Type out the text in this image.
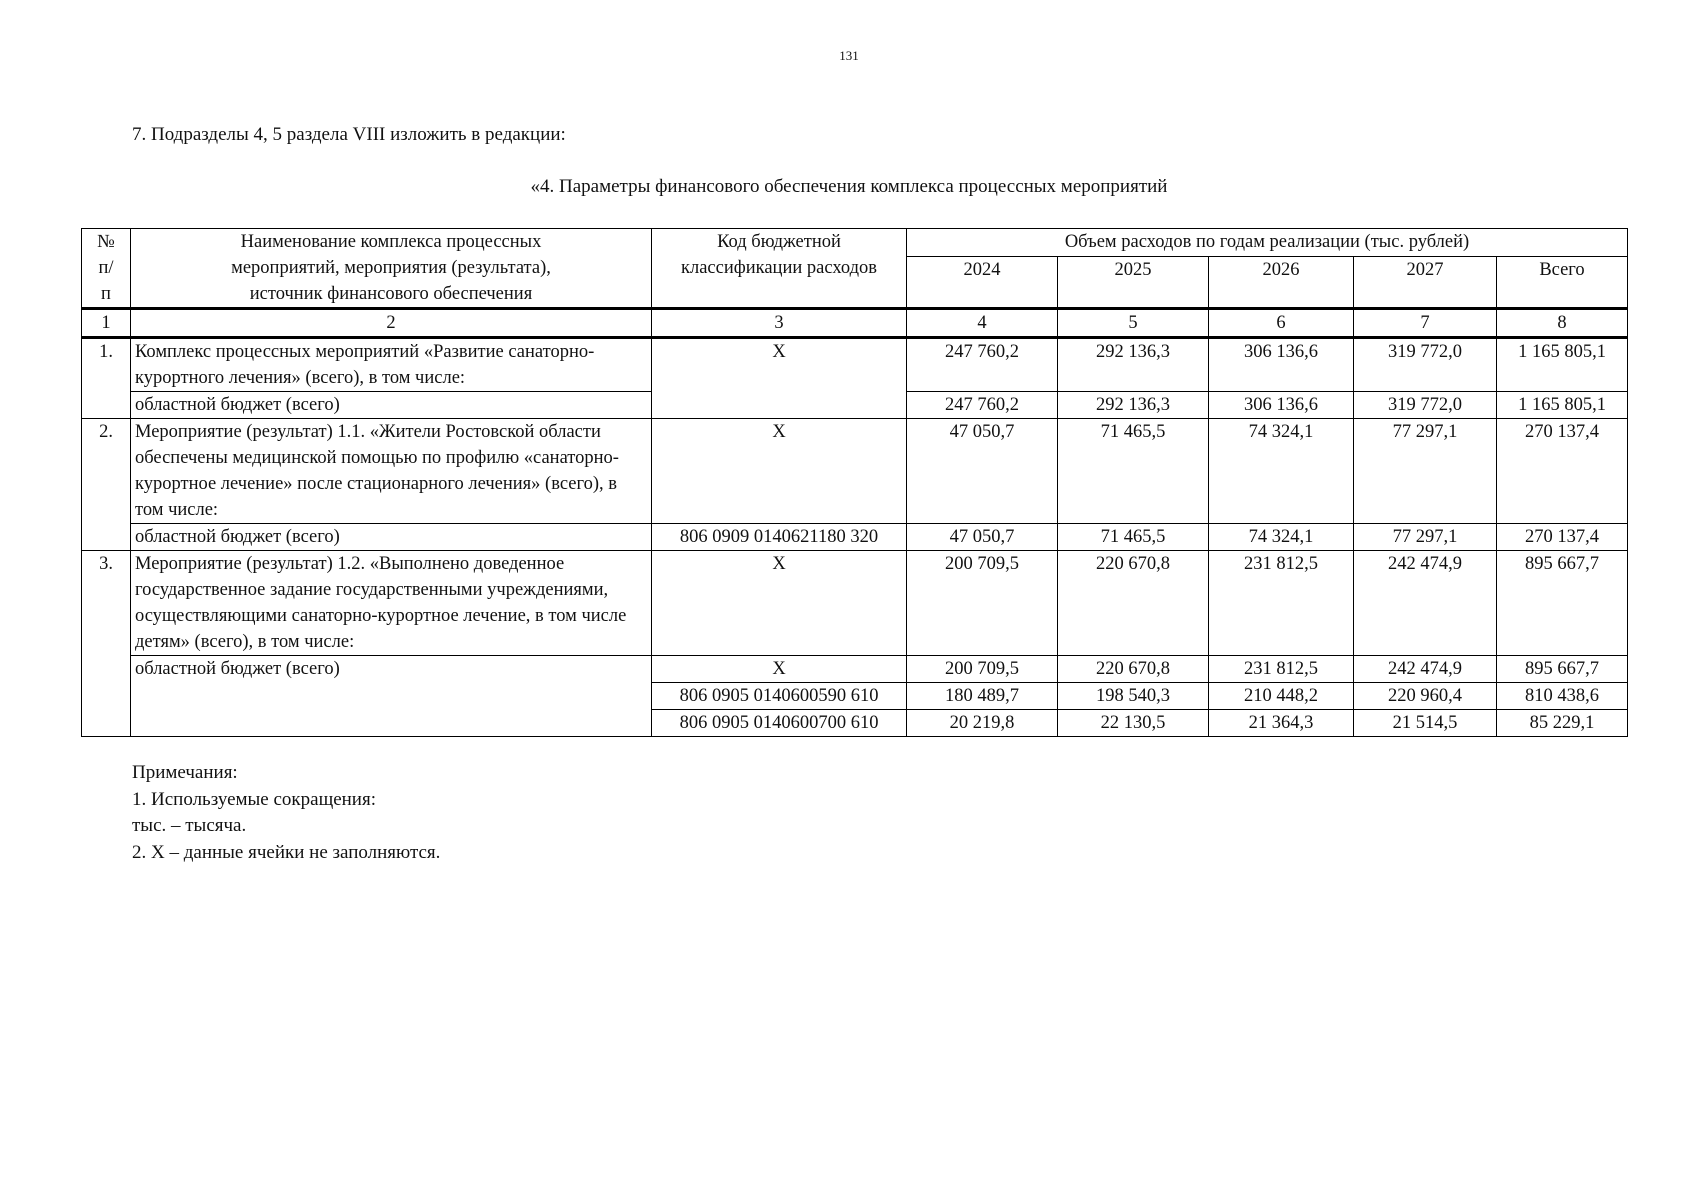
131
7. Подразделы 4, 5 раздела VIII изложить в редакции:
«4. Параметры финансового обеспечения комплекса процессных мероприятий
№ п/п	Наименование комплекса процессных мероприятий, мероприятия (результата), источник финансового обеспечения	Код бюджетной классификации расходов	Объем расходов по годам реализации (тыс. рублей)				
			2024	2025	2026	2027	Всего
1	2	3	4	5	6	7	8
1.	Комплекс процессных мероприятий «Развитие санаторно-курортного лечения» (всего), в том числе:	X	247 760,2	292 136,3	306 136,6	319 772,0	1 165 805,1
	областной бюджет (всего)		247 760,2	292 136,3	306 136,6	319 772,0	1 165 805,1
2.	Мероприятие (результат) 1.1. «Жители Ростовской области обеспечены медицинской помощью по профилю «санаторно-курортное лечение» после стационарного лечения» (всего), в том числе:	X	47 050,7	71 465,5	74 324,1	77 297,1	270 137,4
	областной бюджет (всего)	806 0909 0140621180 320	47 050,7	71 465,5	74 324,1	77 297,1	270 137,4
3.	Мероприятие (результат) 1.2. «Выполнено доведенное государственное задание государственными учреждениями, осуществляющими санаторно-курортное лечение, в том числе детям» (всего), в том числе:	X	200 709,5	220 670,8	231 812,5	242 474,9	895 667,7
	областной бюджет (всего)	X	200 709,5	220 670,8	231 812,5	242 474,9	895 667,7
		806 0905 0140600590 610	180 489,7	198 540,3	210 448,2	220 960,4	810 438,6
		806 0905 0140600700 610	20 219,8	22 130,5	21 364,3	21 514,5	85 229,1
Примечания:
1. Используемые сокращения:
тыс. – тысяча.
2. X – данные ячейки не заполняются.
